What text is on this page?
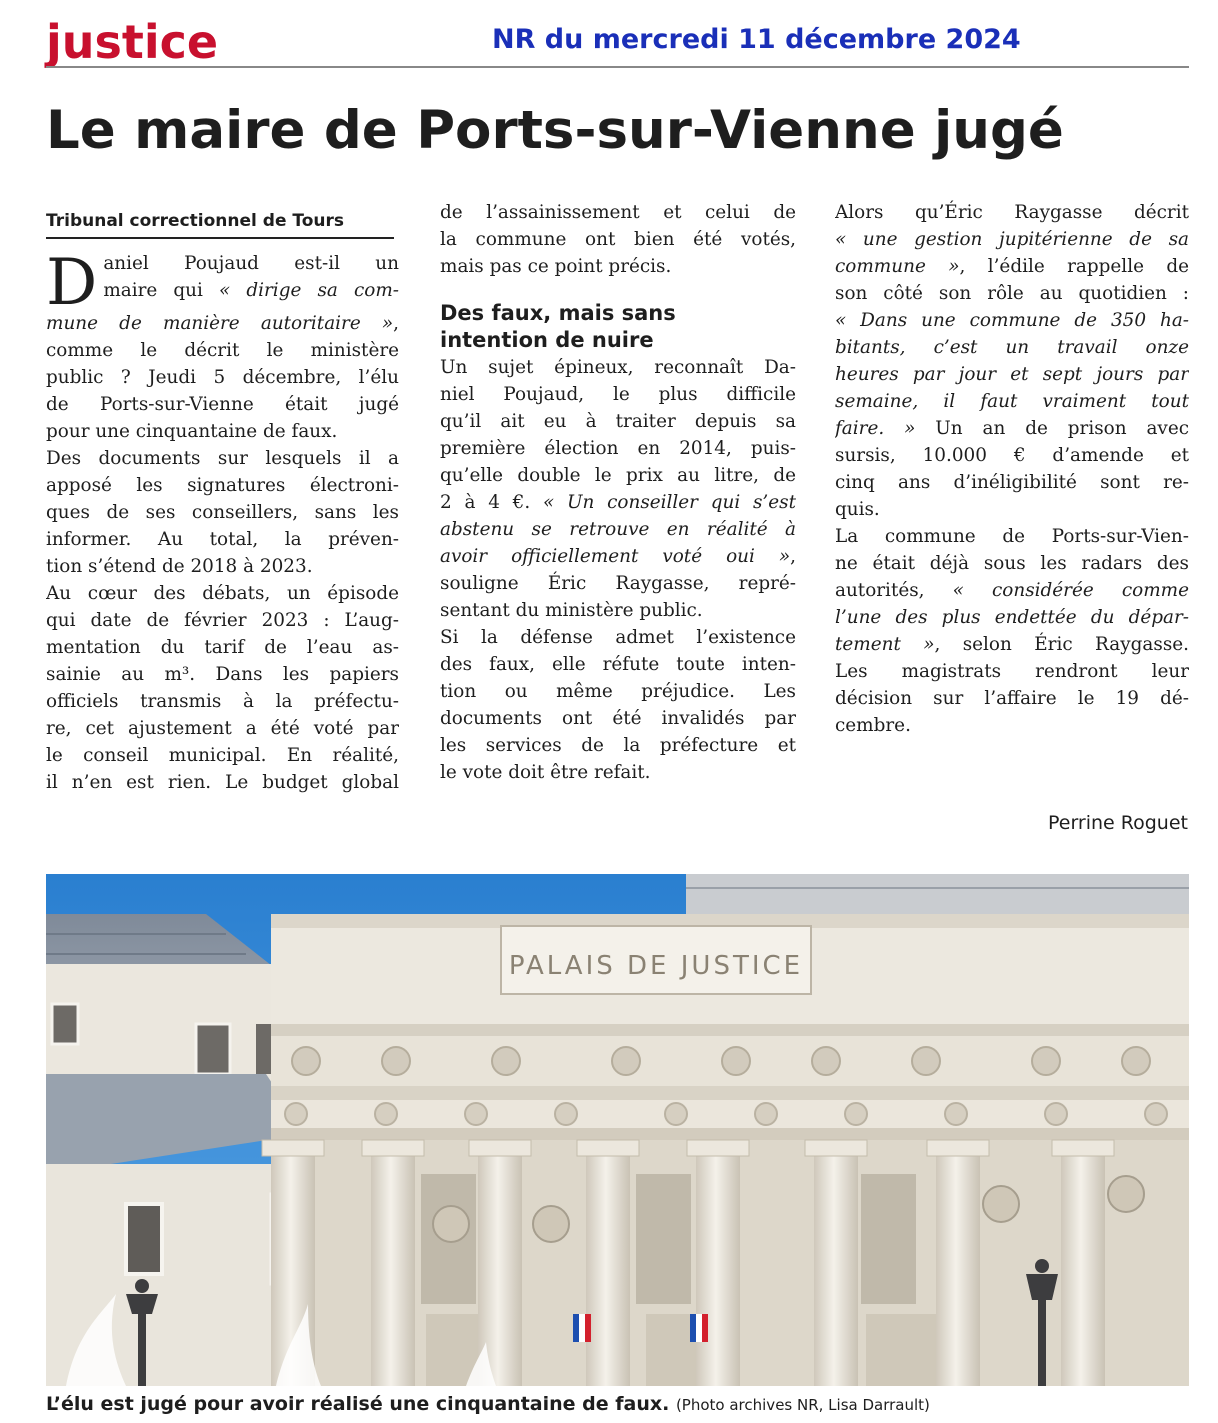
justice	NR du mercredi 11 décembre 2024
Le maire de Ports-sur-Vienne jugé
Tribunal correctionnel de Tours
D aniel Poujaud est-il un
maire qui « dirige sa com-
mune de manière autoritaire »,
comme le décrit le ministère
public ? Jeudi 5 décembre, l’élu
de Ports-sur-Vienne était jugé
pour une cinquantaine de faux.
Des documents sur lesquels il a
apposé les signatures électroni-
ques de ses conseillers, sans les
informer. Au total, la préven-
tion s’étend de 2018 à 2023.
Au cœur des débats, un épisode
qui date de février 2023 : L’aug-
mentation du tarif de l’eau as-
sainie au m³. Dans les papiers
officiels transmis à la préfectu-
re, cet ajustement a été voté par
le conseil municipal. En réalité,
il n’en est rien. Le budget global
de l’assainissement et celui de
la commune ont bien été votés,
mais pas ce point précis.
Des faux, mais sans
intention de nuire
Un sujet épineux, reconnaît Da-
niel Poujaud, le plus difficile
qu’il ait eu à traiter depuis sa
première élection en 2014, puis-
qu’elle double le prix au litre, de
2 à 4 €. « Un conseiller qui s’est
abstenu se retrouve en réalité à
avoir officiellement voté oui »,
souligne Éric Raygasse, repré-
sentant du ministère public.
Si la défense admet l’existence
des faux, elle réfute toute inten-
tion ou même préjudice. Les
documents ont été invalidés par
les services de la préfecture et
le vote doit être refait.
Alors qu’Éric Raygasse décrit
« une gestion jupitérienne de sa
commune », l’édile rappelle de
son côté son rôle au quotidien :
« Dans une commune de 350 ha-
bitants, c’est un travail onze
heures par jour et sept jours par
semaine, il faut vraiment tout
faire. » Un an de prison avec
sursis, 10.000 € d’amende et
cinq ans d’inéligibilité sont re-
quis.
La commune de Ports-sur-Vien-
ne était déjà sous les radars des
autorités, « considérée comme
l’une des plus endettée du dépar-
tement », selon Éric Raygasse.
Les magistrats rendront leur
décision sur l’affaire le 19 dé-
cembre.
Perrine Roguet
PALAIS DE JUSTICE
L’élu est jugé pour avoir réalisé une cinquantaine de faux. (Photo archives NR, Lisa Darrault)
